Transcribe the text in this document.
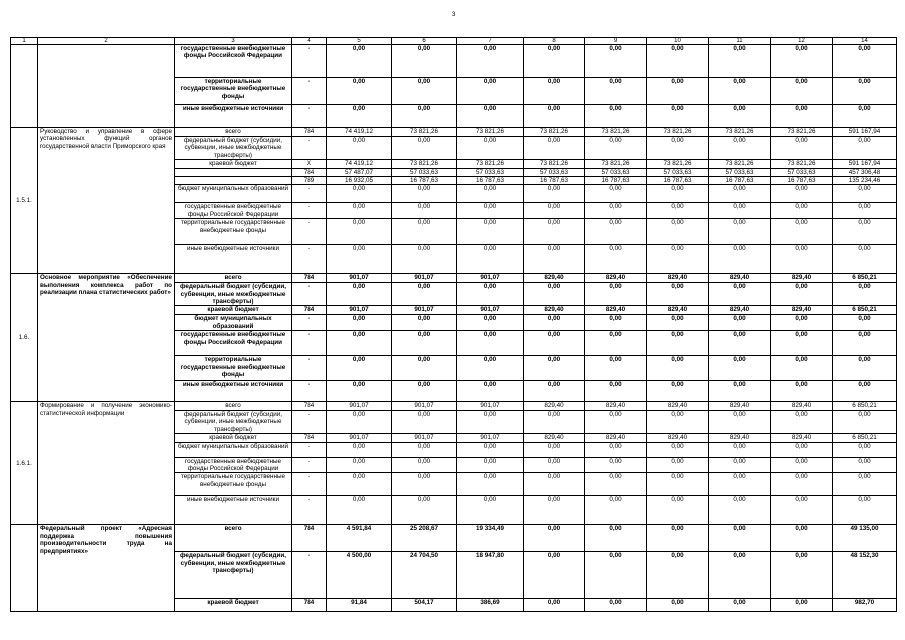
3
1	2	3	4	5	6	7	8	9	10	11	12	14
		государственные внебюджетные фонды Российской Федерации	-	0,00	0,00	0,00	0,00	0,00	0,00	0,00	0,00	0,00
		территориальные государственные внебюджетные фонды	-	0,00	0,00	0,00	0,00	0,00	0,00	0,00	0,00	0,00
		иные внебюджетные источники	-	0,00	0,00	0,00	0,00	0,00	0,00	0,00	0,00	0,00
1.5.1.	Руководство и управление в сфере установленных функций органов государственной власти Приморского края	всего	784	74 419,12	73 821,26	73 821,26	73 821,26	73 821,26	73 821,26	73 821,26	73 821,26	591 167,94
		федеральный бюджет (субсидии, субвенции, иные межбюджетные трансферты)	-	0,00	0,00	0,00	0,00	0,00	0,00	0,00	0,00	0,00
		краевой бюджет	X	74 419,12	73 821,26	73 821,26	73 821,26	73 821,26	73 821,26	73 821,26	73 821,26	591 167,94
			784	57 487,07	57 033,63	57 033,63	57 033,63	57 033,63	57 033,63	57 033,63	57 033,63	457 306,48
			789	16 932,05	16 787,63	16 787,63	16 787,63	16 787,63	16 787,63	16 787,63	16 787,63	135 234,46
		бюджет муниципальных образований	-	0,00	0,00	0,00	0,00	0,00	0,00	0,00	0,00	0,00
		государственные внебюджетные фонды Российской Федерации	-	0,00	0,00	0,00	0,00	0,00	0,00	0,00	0,00	0,00
		территориальные государственные внебюджетные фонды	-	0,00	0,00	0,00	0,00	0,00	0,00	0,00	0,00	0,00
		иные внебюджетные источники	-	0,00	0,00	0,00	0,00	0,00	0,00	0,00	0,00	0,00
1.6.	Основное мероприятие «Обеспечение выполнения комплекса работ по реализации плана статистических работ»	всего	784	901,07	901,07	901,07	829,40	829,40	829,40	829,40	829,40	6 850,21
		федеральный бюджет (субсидии, субвенции, иные межбюджетные трансферты)	-	0,00	0,00	0,00	0,00	0,00	0,00	0,00	0,00	0,00
		краевой бюджет	784	901,07	901,07	901,07	829,40	829,40	829,40	829,40	829,40	6 850,21
		бюджет муниципальных образований	-	0,00	0,00	0,00	0,00	0,00	0,00	0,00	0,00	0,00
		государственные внебюджетные фонды Российской Федерации	-	0,00	0,00	0,00	0,00	0,00	0,00	0,00	0,00	0,00
		территориальные государственные внебюджетные фонды	-	0,00	0,00	0,00	0,00	0,00	0,00	0,00	0,00	0,00
		иные внебюджетные источники	-	0,00	0,00	0,00	0,00	0,00	0,00	0,00	0,00	0,00
1.6.1.	Формирование и получение экономико-статистической информации	всего	784	901,07	901,07	901,07	829,40	829,40	829,40	829,40	829,40	6 850,21
		федеральный бюджет (субсидии, субвенции, иные межбюджетные трансферты)	-	0,00	0,00	0,00	0,00	0,00	0,00	0,00	0,00	0,00
		краевой бюджет	784	901,07	901,07	901,07	829,40	829,40	829,40	829,40	829,40	6 850,21
		бюджет муниципальных образований	-	0,00	0,00	0,00	0,00	0,00	0,00	0,00	0,00	0,00
		государственные внебюджетные фонды Российской Федерации	-	0,00	0,00	0,00	0,00	0,00	0,00	0,00	0,00	0,00
		территориальные государственные внебюджетные фонды	-	0,00	0,00	0,00	0,00	0,00	0,00	0,00	0,00	0,00
		иные внебюджетные источники	-	0,00	0,00	0,00	0,00	0,00	0,00	0,00	0,00	0,00
	Федеральный проект «Адресная поддержка повышения производительности труда на предприятиях»	всего	784	4 591,84	25 208,67	19 334,49	0,00	0,00	0,00	0,00	0,00	49 135,00
		федеральный бюджет (субсидии, субвенции, иные межбюджетные трансферты)	-	4 500,00	24 704,50	18 947,80	0,00	0,00	0,00	0,00	0,00	48 152,30
		краевой бюджет	784	91,84	504,17	386,69	0,00	0,00	0,00	0,00	0,00	982,70
